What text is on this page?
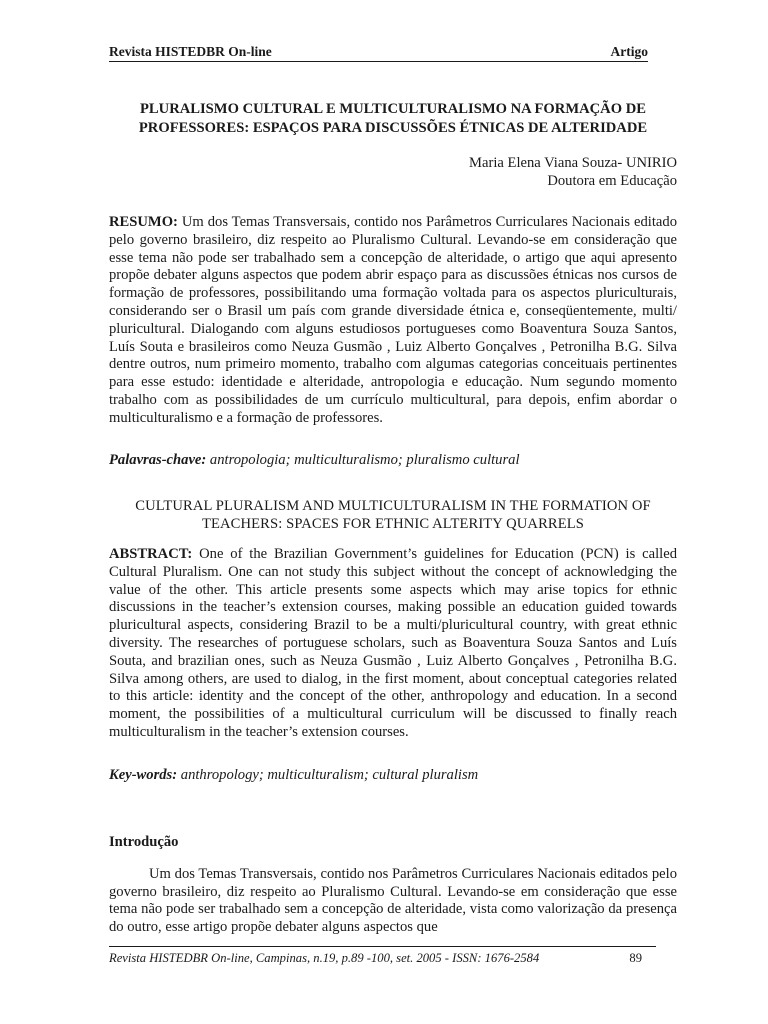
Revista HISTEDBR On-line	Artigo
PLURALISMO CULTURAL E MULTICULTURALISMO NA FORMAÇÃO DE
PROFESSORES: ESPAÇOS PARA DISCUSSÕES ÉTNICAS DE ALTERIDADE
Maria Elena Viana Souza- UNIRIO
Doutora em Educação

RESUMO: Um dos Temas Transversais, contido nos Parâmetros Curriculares Nacionais editado pelo governo brasileiro, diz respeito ao Pluralismo Cultural. Levando-se em consideração que esse tema não pode ser trabalhado sem a concepção de alteridade, o artigo que aqui apresento propõe debater alguns aspectos que podem abrir espaço para as discussões étnicas nos cursos de formação de professores, possibilitando uma formação voltada para os aspectos pluriculturais, considerando ser o Brasil um país com grande diversidade étnica e, conseqüentemente, multi/ pluricultural. Dialogando com alguns estudiosos portugueses como Boaventura Souza Santos, Luís Souta e brasileiros como Neuza Gusmão , Luiz Alberto Gonçalves , Petronilha B.G. Silva dentre outros, num primeiro momento, trabalho com algumas categorias conceituais pertinentes para esse estudo: identidade e alteridade, antropologia e educação. Num segundo momento trabalho com as possibilidades de um currículo multicultural, para depois, enfim abordar o multiculturalismo e a formação de professores.

Palavras-chave: antropologia; multiculturalismo; pluralismo cultural
CULTURAL PLURALISM AND MULTICULTURALISM IN THE FORMATION OF
TEACHERS: SPACES FOR ETHNIC ALTERITY QUARRELS

ABSTRACT: One of the Brazilian Government’s guidelines for Education (PCN) is called Cultural Pluralism. One can not study this subject without the concept of acknowledging the value of the other. This article presents some aspects which may arise topics for ethnic discussions in the teacher’s extension courses, making possible an education guided towards pluricultural aspects, considering Brazil to be a multi/pluricultural country, with great ethnic diversity. The researches of portuguese scholars, such as Boaventura Souza Santos and Luís Souta, and brazilian ones, such as Neuza Gusmão , Luiz Alberto Gonçalves , Petronilha B.G. Silva among others, are used to dialog, in the first moment, about conceptual categories related to this article: identity and the concept of the other, anthropology and education. In a second moment, the possibilities of a multicultural curriculum will be discussed to finally reach multiculturalism in the teacher’s extension courses.

Key-words: anthropology; multiculturalism; cultural pluralism
Introdução

Um dos Temas Transversais, contido nos Parâmetros Curriculares Nacionais editados pelo governo brasileiro, diz respeito ao Pluralismo Cultural. Levando-se em consideração que esse tema não pode ser trabalhado sem a concepção de alteridade, vista como valorização da presença do outro, esse artigo propõe debater alguns aspectos que

Revista HISTEDBR On-line, Campinas, n.19, p.89 -100, set. 2005 - ISSN: 1676-2584	89
